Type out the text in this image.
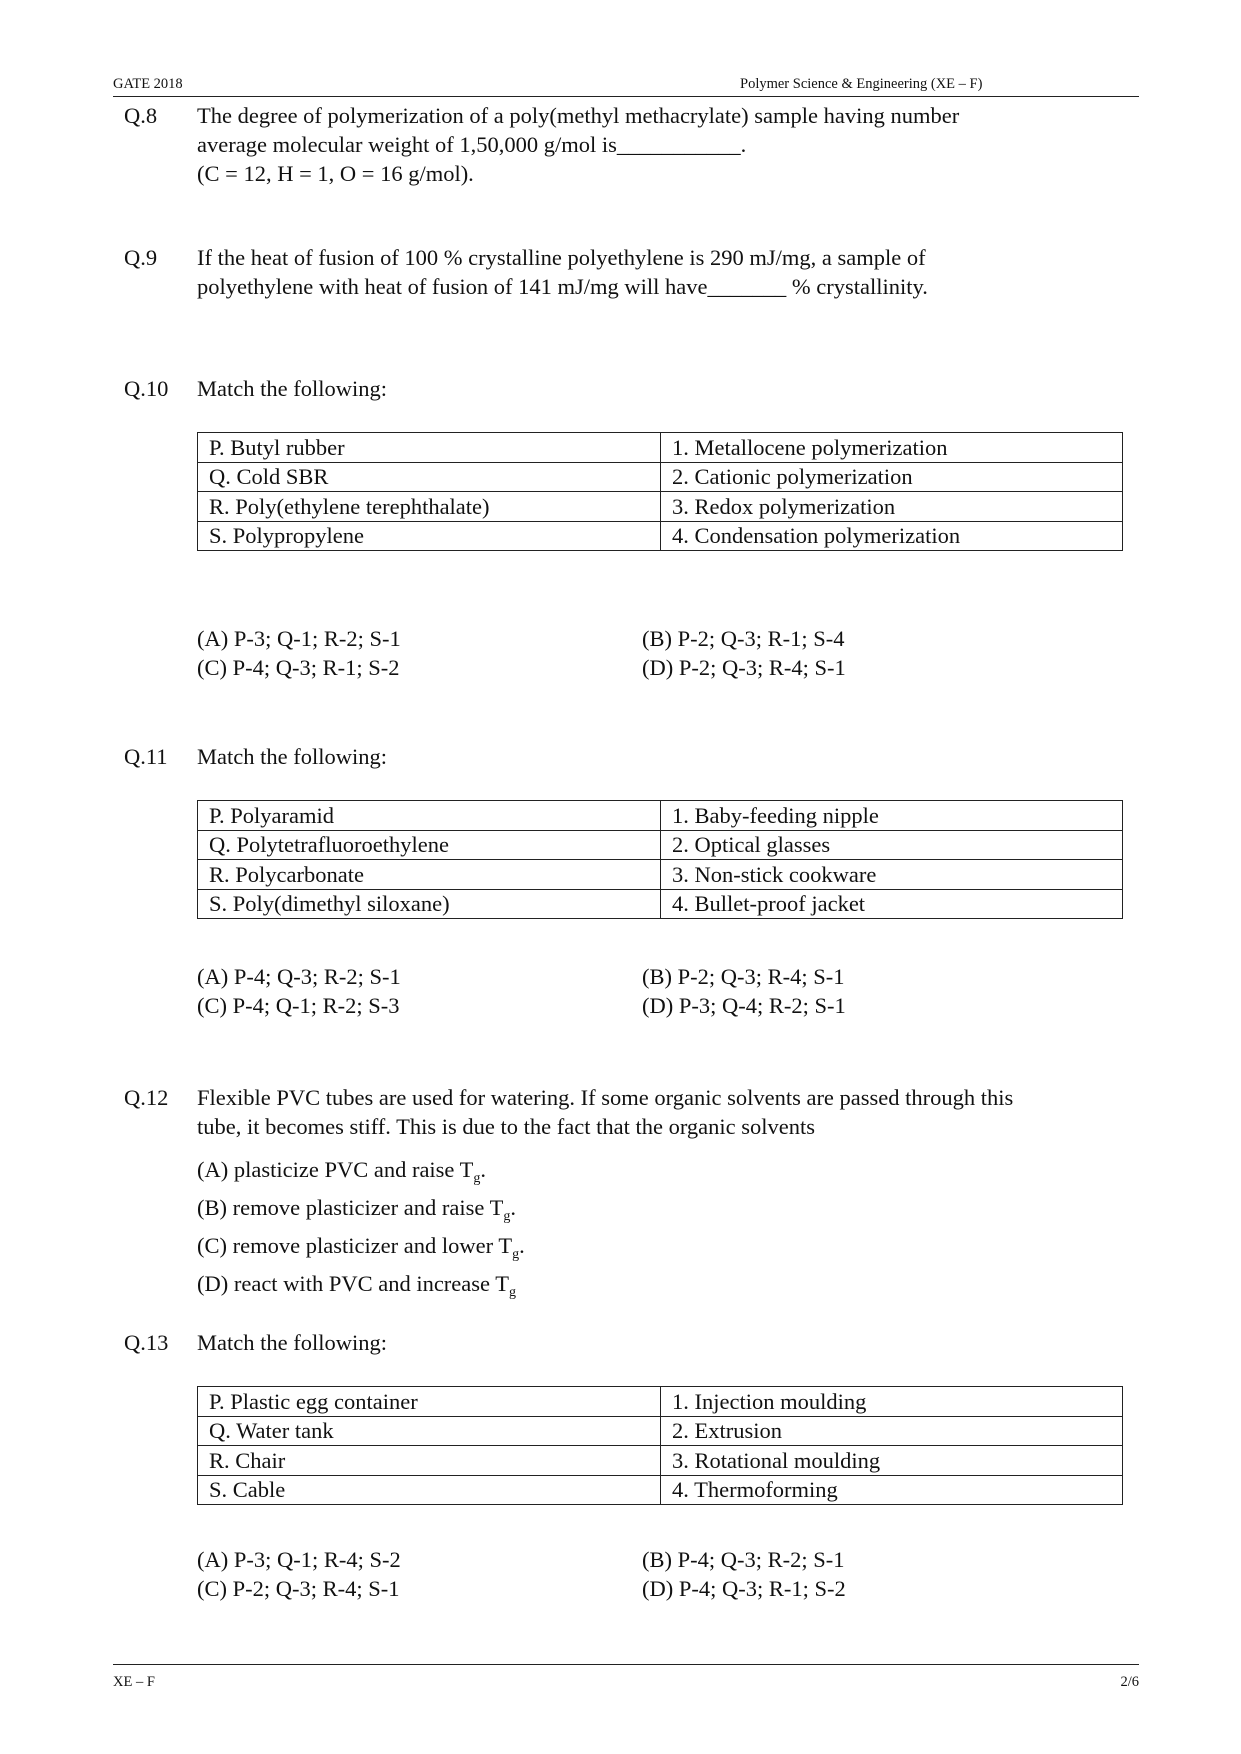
GATE 2018	Polymer Science & Engineering (XE – F)
Q.8 The degree of polymerization of a poly(methyl methacrylate) sample having number
average molecular weight of 1,50,000 g/mol is___________.
(C = 12, H = 1, O = 16 g/mol).
Q.9 If the heat of fusion of 100 % crystalline polyethylene is 290 mJ/mg, a sample of
polyethylene with heat of fusion of 141 mJ/mg will have_______ % crystallinity.
Q.10 Match the following:
P. Butyl rubber	1. Metallocene polymerization
Q. Cold SBR	2. Cationic polymerization
R. Poly(ethylene terephthalate)	3. Redox polymerization
S. Polypropylene	4. Condensation polymerization
(A) P-3; Q-1; R-2; S-1	(B) P-2; Q-3; R-1; S-4
(C) P-4; Q-3; R-1; S-2	(D) P-2; Q-3; R-4; S-1
Q.11 Match the following:
P. Polyaramid	1. Baby-feeding nipple
Q. Polytetrafluoroethylene	2. Optical glasses
R. Polycarbonate	3. Non-stick cookware
S. Poly(dimethyl siloxane)	4. Bullet-proof jacket
(A) P-4; Q-3; R-2; S-1	(B) P-2; Q-3; R-4; S-1
(C) P-4; Q-1; R-2; S-3	(D) P-3; Q-4; R-2; S-1
Q.12 Flexible PVC tubes are used for watering. If some organic solvents are passed through this
tube, it becomes stiff. This is due to the fact that the organic solvents
(A) plasticize PVC and raise $T_g$.
(B) remove plasticizer and raise $T_g$.
(C) remove plasticizer and lower $T_g$.
(D) react with PVC and increase $T_g$
Q.13 Match the following:
P. Plastic egg container	1. Injection moulding
Q. Water tank	2. Extrusion
R. Chair	3. Rotational moulding
S. Cable	4. Thermoforming
(A) P-3; Q-1; R-4; S-2	(B) P-4; Q-3; R-2; S-1
(C) P-2; Q-3; R-4; S-1	(D) P-4; Q-3; R-1; S-2
XE – F	2/6
